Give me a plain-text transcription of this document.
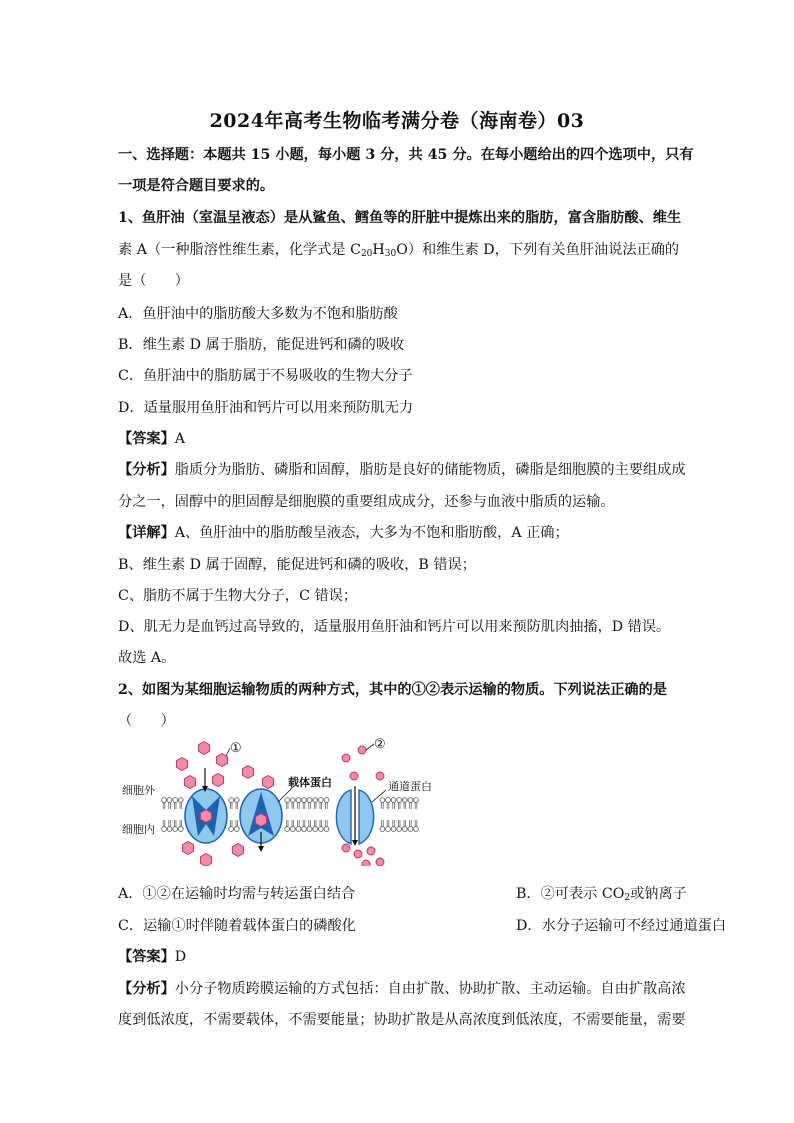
2024年高考生物临考满分卷（海南卷）03
一、选择题：本题共 15 小题，每小题 3 分，共 45 分。在每小题给出的四个选项中，只有
一项是符合题目要求的。
1、鱼肝油（室温呈液态）是从鲨鱼、鳕鱼等的肝脏中提炼出来的脂肪，富含脂肪酸、维生
素 A（一种脂溶性维生素，化学式是 $C_{20}H_{30}O$）和维生素 D，下列有关鱼肝油说法正确的
是（　　）
A．鱼肝油中的脂肪酸大多数为不饱和脂肪酸
B．维生素 D 属于脂肪，能促进钙和磷的吸收
C．鱼肝油中的脂肪属于不易吸收的生物大分子
D．适量服用鱼肝油和钙片可以用来预防肌无力
【答案】A
【分析】脂质分为脂肪、磷脂和固醇，脂肪是良好的储能物质，磷脂是细胞膜的主要组成成
分之一，固醇中的胆固醇是细胞膜的重要组成成分，还参与血液中脂质的运输。
【详解】A、鱼肝油中的脂肪酸呈液态，大多为不饱和脂肪酸，A 正确；
B、维生素 D 属于固醇，能促进钙和磷的吸收，B 错误；
C、脂肪不属于生物大分子，C 错误；
D、肌无力是血钙过高导致的，适量服用鱼肝油和钙片可以用来预防肌肉抽搐，D 错误。
故选 A。
2、如图为某细胞运输物质的两种方式，其中的①②表示运输的物质。下列说法正确的是
（　　）
细胞外
细胞内
①	②
载体蛋白	通道蛋白
A．①②在运输时均需与转运蛋白结合	B．②可表示 $CO_2$或钠离子
C．运输①时伴随着载体蛋白的磷酸化	D．水分子运输可不经过通道蛋白
【答案】D
【分析】小分子物质跨膜运输的方式包括：自由扩散、协助扩散、主动运输。自由扩散高浓
度到低浓度，不需要载体，不需要能量；协助扩散是从高浓度到低浓度，不需要能量，需要
